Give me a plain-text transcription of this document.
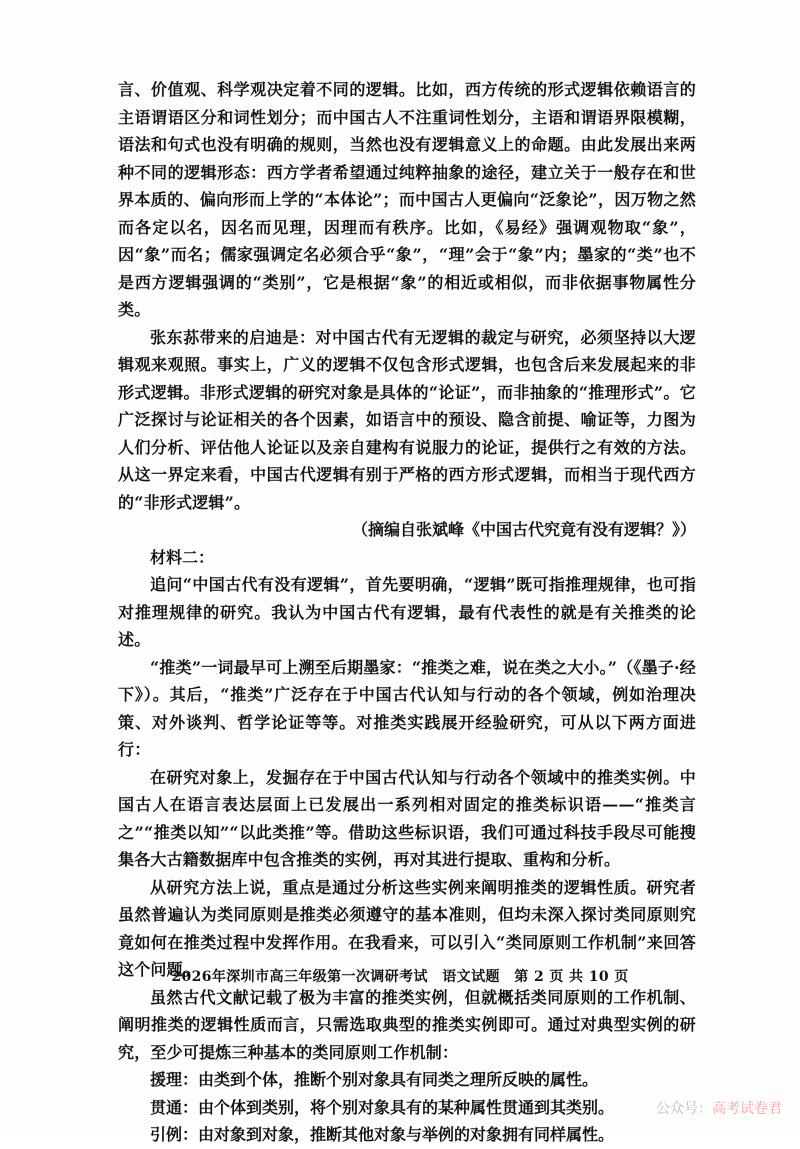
言、价值观、科学观决定着不同的逻辑。比如，西方传统的形式逻辑依赖语言的主语谓语区分和词性划分；而中国古人不注重词性划分，主语和谓语界限模糊，语法和句式也没有明确的规则，当然也没有逻辑意义上的命题。由此发展出来两种不同的逻辑形态：西方学者希望通过纯粹抽象的途径，建立关于一般存在和世界本质的、偏向形而上学的“本体论”；而中国古人更偏向“泛象论”，因万物之然而各定以名，因名而见理，因理而有秩序。比如，《易经》强调观物取“象”，因“象”而名；儒家强调定名必须合乎“象”，“理”会于“象”内；墨家的“类”也不是西方逻辑强调的“类别”，它是根据“象”的相近或相似，而非依据事物属性分类。

张东荪带来的启迪是：对中国古代有无逻辑的裁定与研究，必须坚持以大逻辑观来观照。事实上，广义的逻辑不仅包含形式逻辑，也包含后来发展起来的非形式逻辑。非形式逻辑的研究对象是具体的“论证”，而非抽象的“推理形式”。它广泛探讨与论证相关的各个因素，如语言中的预设、隐含前提、喻证等，力图为人们分析、评估他人论证以及亲自建构有说服力的论证，提供行之有效的方法。从这一界定来看，中国古代逻辑有别于严格的西方形式逻辑，而相当于现代西方的“非形式逻辑”。

（摘编自张斌峰《中国古代究竟有没有逻辑？》）

材料二：

追问“中国古代有没有逻辑”，首先要明确，“逻辑”既可指推理规律，也可指对推理规律的研究。我认为中国古代有逻辑，最有代表性的就是有关推类的论述。

“推类”一词最早可上溯至后期墨家：“推类之难，说在类之大小。”（《墨子·经下》）。其后，“推类”广泛存在于中国古代认知与行动的各个领域，例如治理决策、对外谈判、哲学论证等等。对推类实践展开经验研究，可从以下两方面进行：

在研究对象上，发掘存在于中国古代认知与行动各个领域中的推类实例。中国古人在语言表达层面上已发展出一系列相对固定的推类标识语——“推类言之”“推类以知”“以此类推”等。借助这些标识语，我们可通过科技手段尽可能搜集各大古籍数据库中包含推类的实例，再对其进行提取、重构和分析。

从研究方法上说，重点是通过分析这些实例来阐明推类的逻辑性质。研究者虽然普遍认为类同原则是推类必须遵守的基本准则，但均未深入探讨类同原则究竟如何在推类过程中发挥作用。在我看来，可以引入“类同原则工作机制”来回答这个问题。

虽然古代文献记载了极为丰富的推类实例，但就概括类同原则的工作机制、阐明推类的逻辑性质而言，只需选取典型的推类实例即可。通过对典型实例的研究，至少可提炼三种基本的类同原则工作机制：

援理：由类到个体，推断个别对象具有同类之理所反映的属性。

贯通：由个体到类别，将个别对象具有的某种属性贯通到其类别。

引例：由对象到对象，推断其他对象与举例的对象拥有同样属性。

2026年深圳市高三年级第一次调研考试　语文试题　第 2 页 共 10 页
公众号：高考试卷君
